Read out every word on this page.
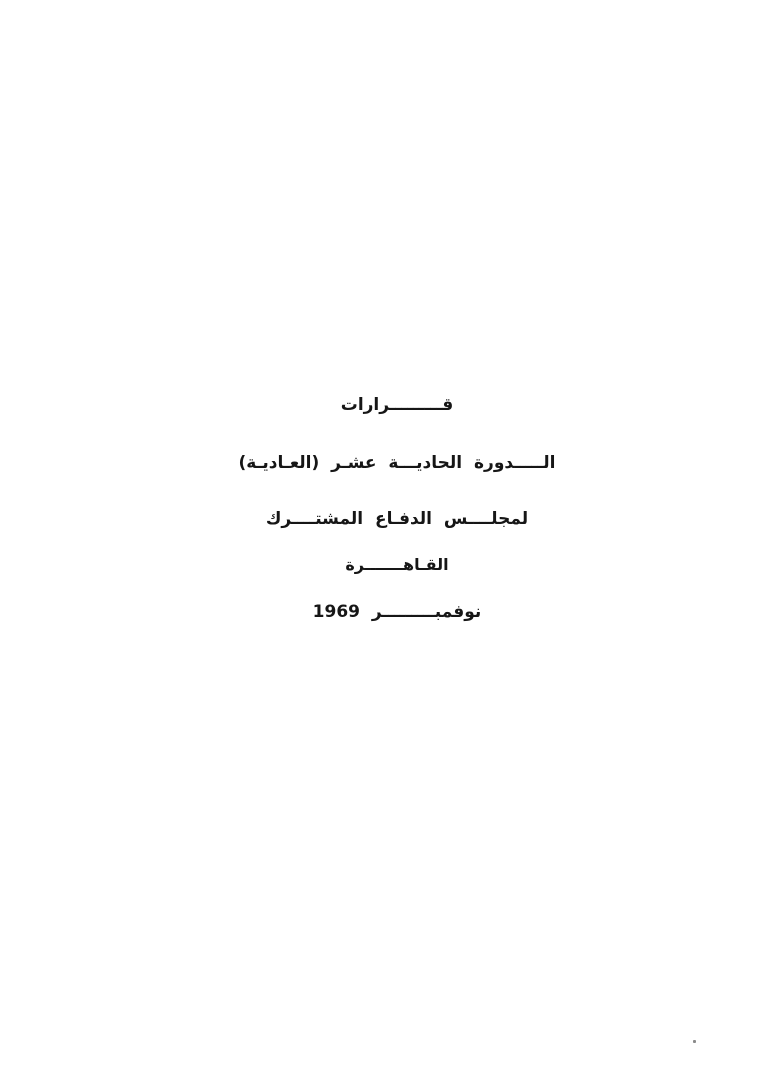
قـــــــــرارات
الـــــدورة الحاديـــة عشـر (العـاديـة)
لمجلــــس الدفـاع المشتــــرك
القـاهـــــــرة
نوفمبـــــــــر 1969
